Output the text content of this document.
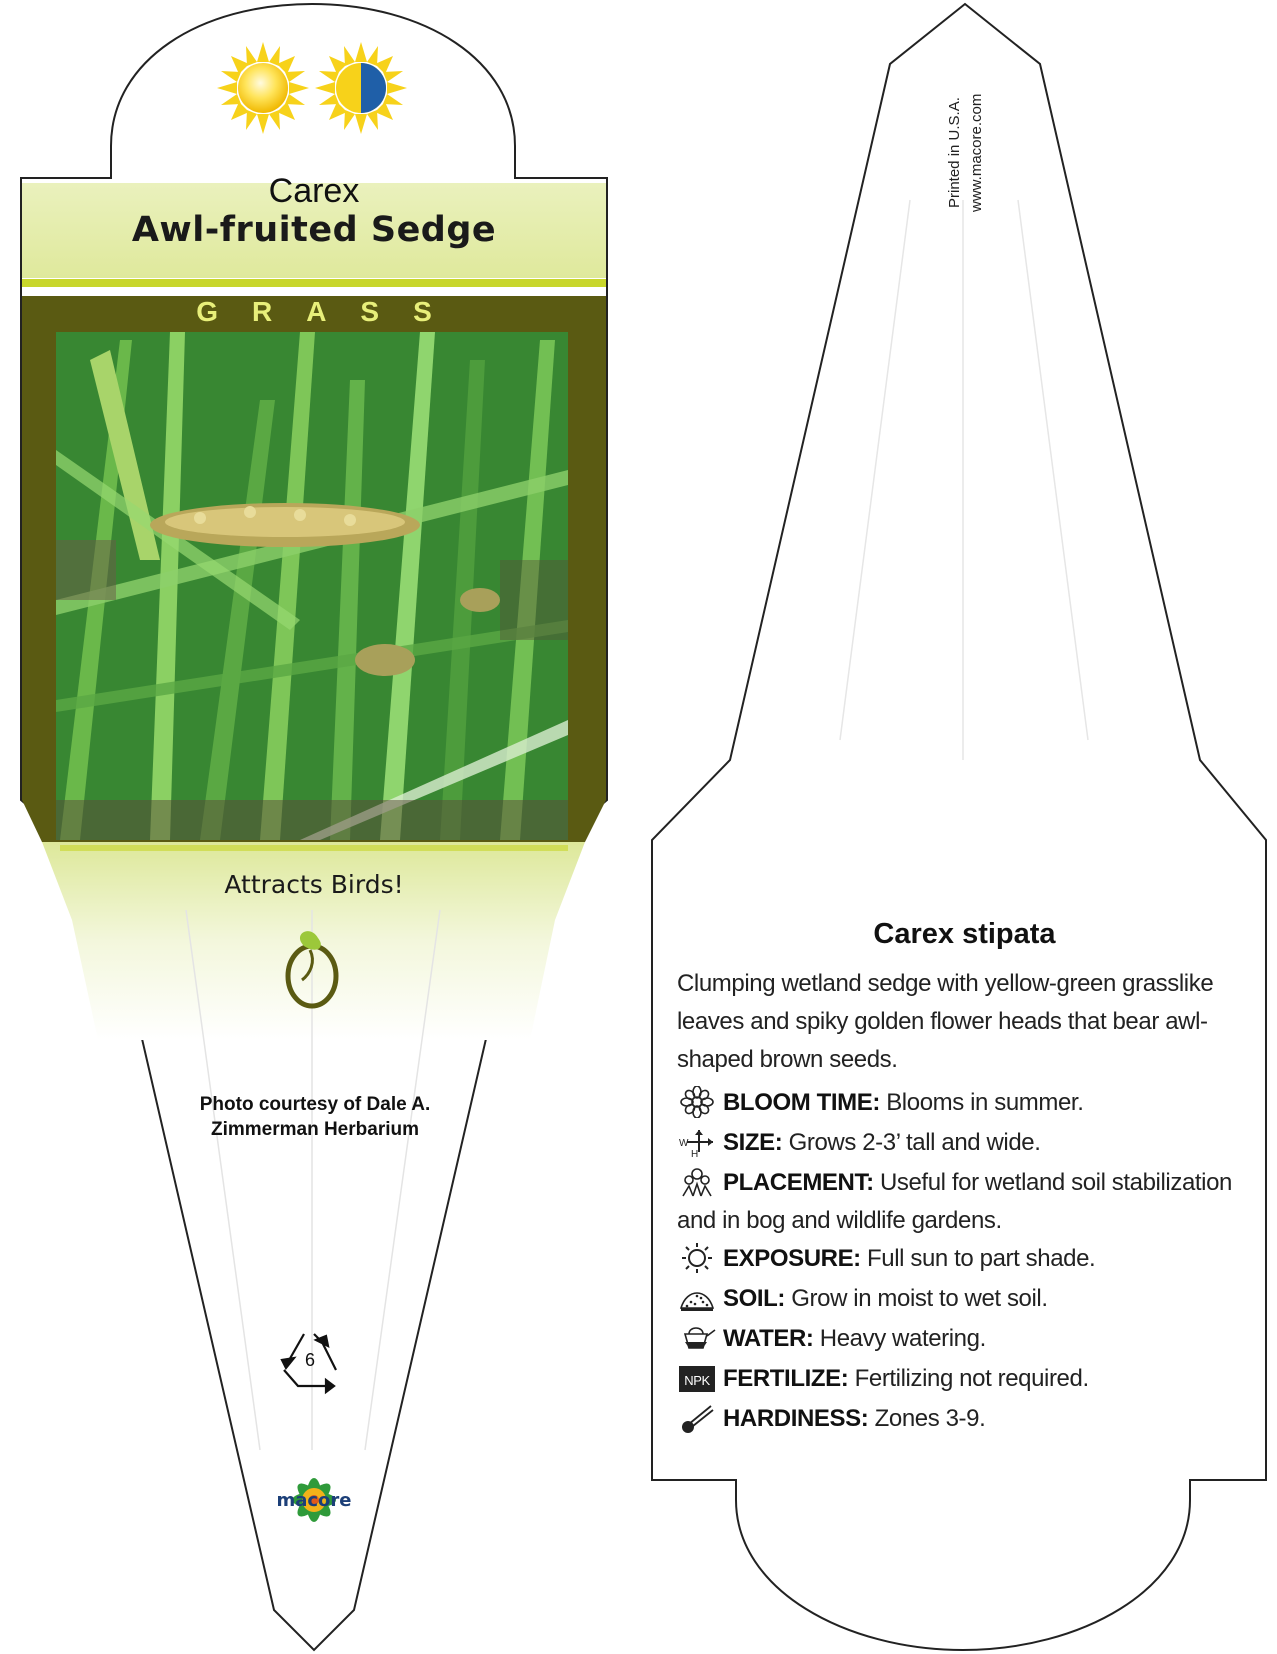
Carex
Awl-fruited Sedge
GRASS
Attracts Birds!
Photo courtesy of Dale A.
Zimmerman Herbarium
6
macore
Printed in U.S.A. www.macore.com
Carex stipata
Clumping wetland sedge with yellow-green grasslike leaves and spiky golden flower heads that bear awl-shaped brown seeds.
BLOOM TIME: Blooms in summer.
W
H SIZE: Grows 2-3’ tall and wide.
PLACEMENT: Useful for wetland soil stabilization and in bog and wildlife gardens.
EXPOSURE: Full sun to part shade.
SOIL: Grow in moist to wet soil.
WATER: Heavy watering.
NPK FERTILIZE: Fertilizing not required.
HARDINESS: Zones 3-9.
